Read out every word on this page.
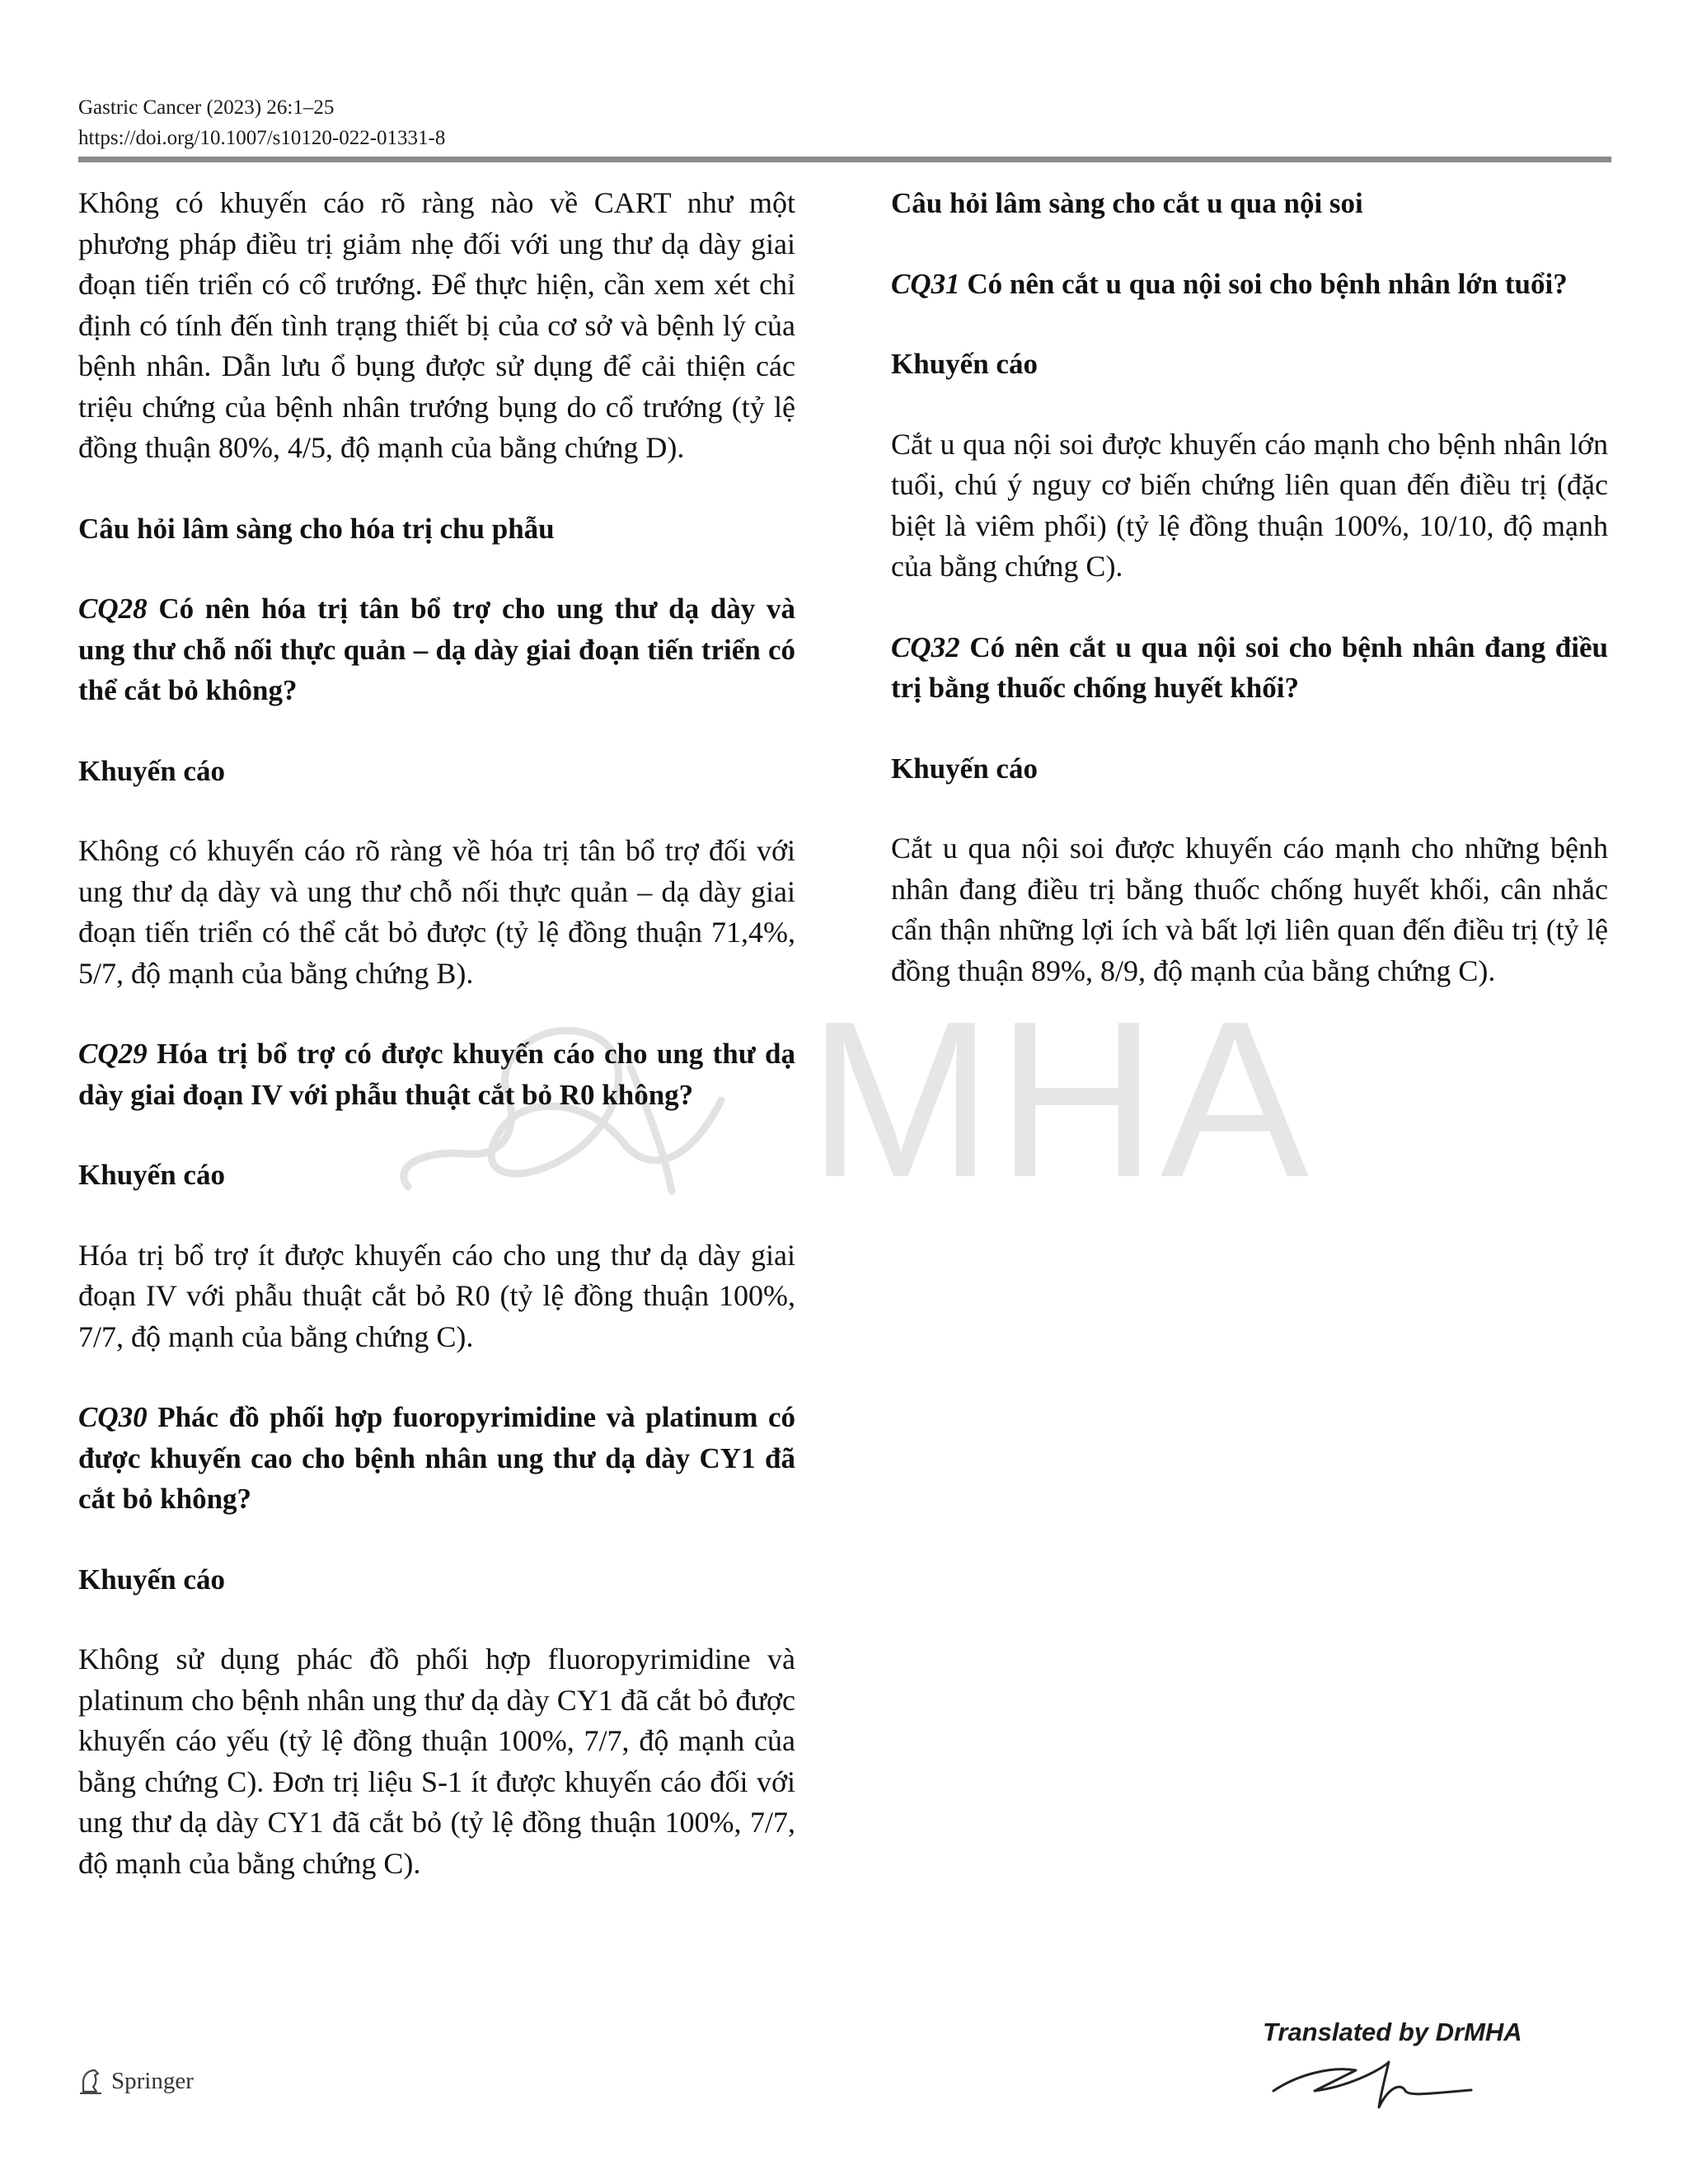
Gastric Cancer (2023) 26:1–25
https://doi.org/10.1007/s10120-022-01331-8
MHA

Không có khuyến cáo rõ ràng nào về CART như một phương pháp điều trị giảm nhẹ đối với ung thư dạ dày giai đoạn tiến triển có cổ trướng. Để thực hiện, cần xem xét chỉ định có tính đến tình trạng thiết bị của cơ sở và bệnh lý của bệnh nhân. Dẫn lưu ổ bụng được sử dụng để cải thiện các triệu chứng của bệnh nhân trướng bụng do cổ trướng (tỷ lệ đồng thuận 80%, 4/5, độ mạnh của bằng chứng D).

Câu hỏi lâm sàng cho hóa trị chu phẫu

CQ28 Có nên hóa trị tân bổ trợ cho ung thư dạ dày và ung thư chỗ nối thực quản – dạ dày giai đoạn tiến triển có thể cắt bỏ không?

Khuyến cáo

Không có khuyến cáo rõ ràng về hóa trị tân bổ trợ đối với ung thư dạ dày và ung thư chỗ nối thực quản – dạ dày giai đoạn tiến triển có thể cắt bỏ được (tỷ lệ đồng thuận 71,4%, 5/7, độ mạnh của bằng chứng B).

CQ29 Hóa trị bổ trợ có được khuyến cáo cho ung thư dạ dày giai đoạn IV với phẫu thuật cắt bỏ R0 không?

Khuyến cáo

Hóa trị bổ trợ ít được khuyến cáo cho ung thư dạ dày giai đoạn IV với phẫu thuật cắt bỏ R0 (tỷ lệ đồng thuận 100%, 7/7, độ mạnh của bằng chứng C).

CQ30 Phác đồ phối hợp fuoropyrimidine và platinum có được khuyến cao cho bệnh nhân ung thư dạ dày CY1 đã cắt bỏ không?

Khuyến cáo

Không sử dụng phác đồ phối hợp fluoropyrimidine và platinum cho bệnh nhân ung thư dạ dày CY1 đã cắt bỏ được khuyến cáo yếu (tỷ lệ đồng thuận 100%, 7/7, độ mạnh của bằng chứng C). Đơn trị liệu S-1 ít được khuyến cáo đối với ung thư dạ dày CY1 đã cắt bỏ (tỷ lệ đồng thuận 100%, 7/7, độ mạnh của bằng chứng C).

Câu hỏi lâm sàng cho cắt u qua nội soi

CQ31 Có nên cắt u qua nội soi cho bệnh nhân lớn tuổi?

Khuyến cáo

Cắt u qua nội soi được khuyến cáo mạnh cho bệnh nhân lớn tuổi, chú ý nguy cơ biến chứng liên quan đến điều trị (đặc biệt là viêm phổi) (tỷ lệ đồng thuận 100%, 10/10, độ mạnh của bằng chứng C).

CQ32 Có nên cắt u qua nội soi cho bệnh nhân đang điều trị bằng thuốc chống huyết khối?

Khuyến cáo

Cắt u qua nội soi được khuyến cáo mạnh cho những bệnh nhân đang điều trị bằng thuốc chống huyết khối, cân nhắc cẩn thận những lợi ích và bất lợi liên quan đến điều trị (tỷ lệ đồng thuận 89%, 8/9, độ mạnh của bằng chứng C).

Springer
Translated by DrMHA
